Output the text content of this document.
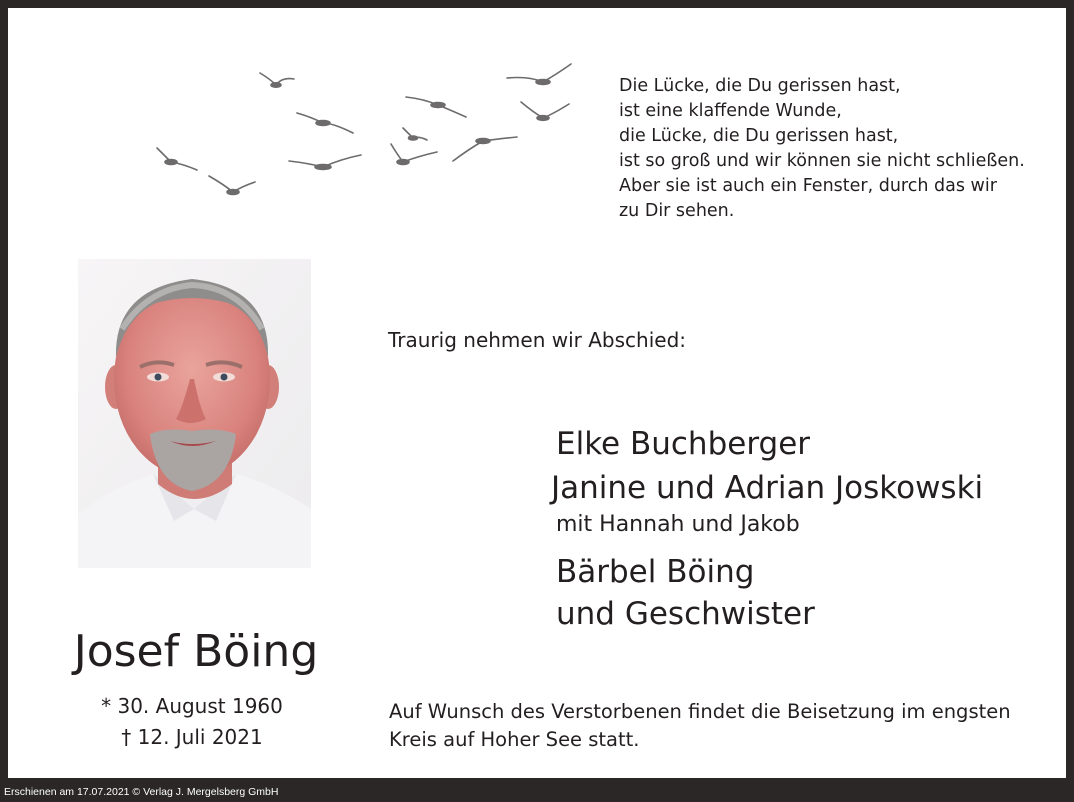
Die Lücke, die Du gerissen hast,
ist eine klaffende Wunde,
die Lücke, die Du gerissen hast,
ist so groß und wir können sie nicht schließen.
Aber sie ist auch ein Fenster, durch das wir
zu Dir sehen.
Traurig nehmen wir Abschied:
Elke Buchberger
Janine und Adrian Joskowski
mit Hannah und Jakob
Bärbel Böing
und Geschwister
Josef Böing
* 30. August 1960
† 12. Juli 2021
Auf Wunsch des Verstorbenen findet die Beisetzung im engsten
Kreis auf Hoher See statt.
Erschienen am 17.07.2021 © Verlag J. Mergelsberg GmbH
